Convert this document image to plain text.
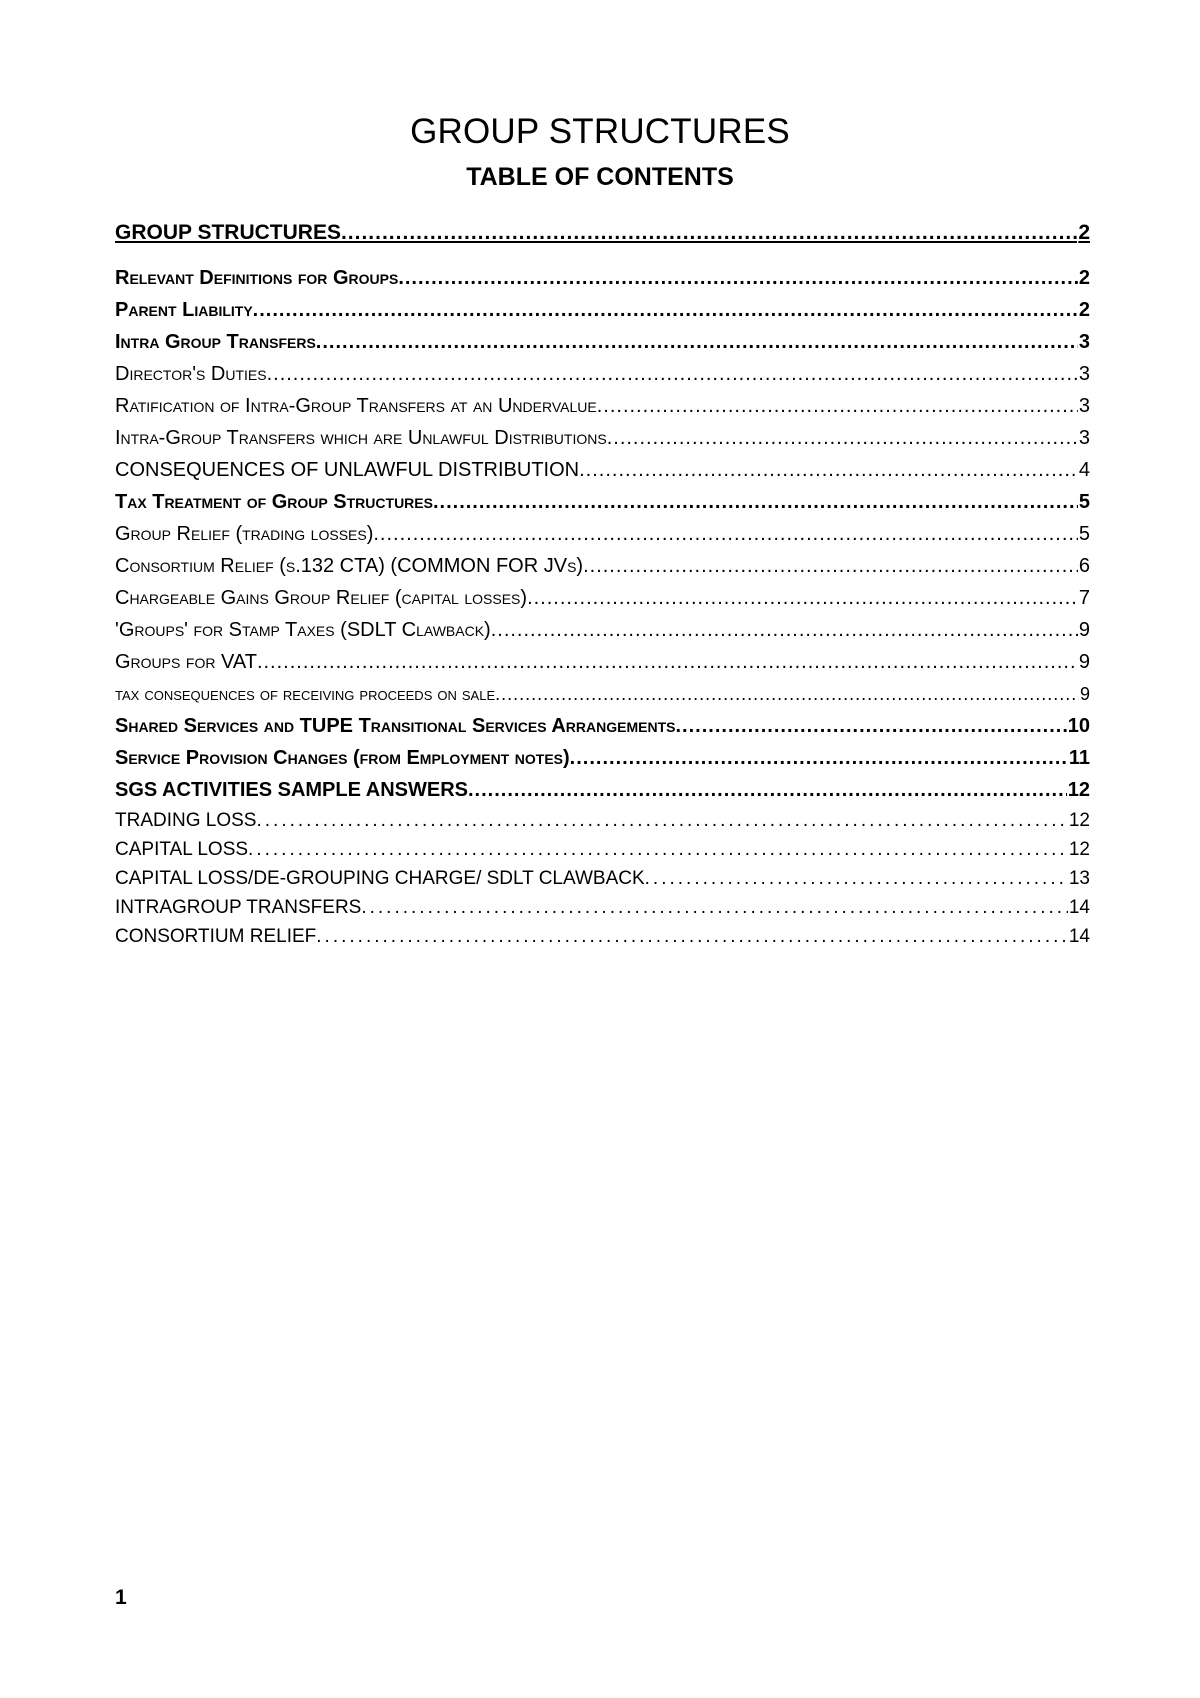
GROUP STRUCTURES
TABLE OF CONTENTS
GROUP STRUCTURES .....	2
Relevant Definitions for Groups .....	2
Parent Liability .....	2
Intra Group Transfers .....	3
Director's Duties .....	3
Ratification of Intra-Group Transfers at an Undervalue .....	3
Intra-Group Transfers which are Unlawful Distributions .....	3
CONSEQUENCES OF UNLAWFUL DISTRIBUTION .....	4
Tax Treatment of Group Structures .....	5
Group Relief (trading losses) .....	5
Consortium Relief (s.132 CTA) (COMMON FOR JVs) .....	6
Chargeable Gains Group Relief (capital losses) .....	7
'Groups' for Stamp Taxes (SDLT Clawback) .....	9
Groups for VAT .....	9
tax consequences of receiving proceeds on sale .....	9
Shared Services and TUPE Transitional Services Arrangements .....	10
Service Provision Changes (from Employment notes) .....	11
SGS ACTIVITIES SAMPLE ANSWERS .....	12
TRADING LOSS .....	12
CAPITAL LOSS .....	12
CAPITAL LOSS/DE-GROUPING CHARGE/ SDLT CLAWBACK .....	13
INTRAGROUP TRANSFERS .....	14
CONSORTIUM RELIEF .....	14
1
